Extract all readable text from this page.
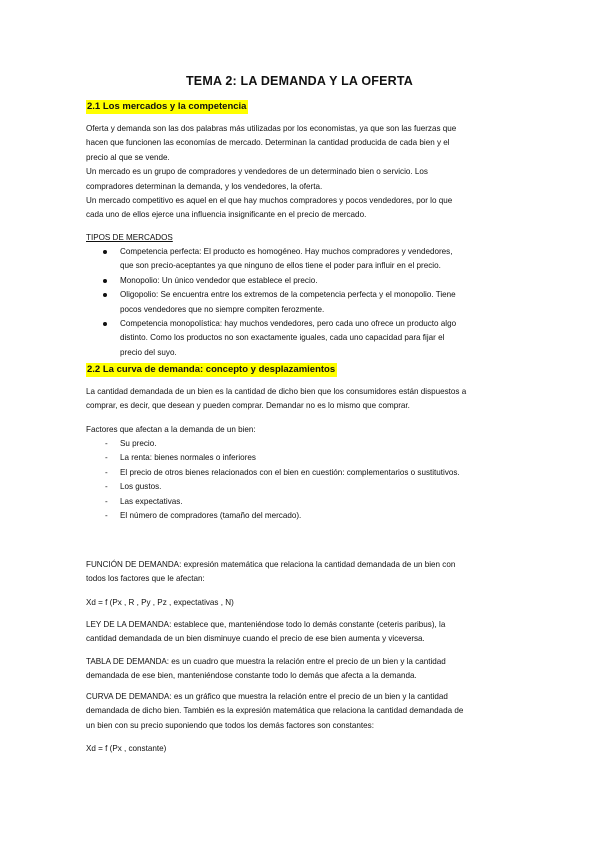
TEMA 2: LA DEMANDA Y LA OFERTA
2.1 Los mercados y la competencia
Oferta y demanda son las dos palabras más utilizadas por los economistas, ya que son las fuerzas que
hacen que funcionen las economías de mercado. Determinan la cantidad producida de cada bien y el
precio al que se vende.
Un mercado es un grupo de compradores y vendedores de un determinado bien o servicio. Los
compradores determinan la demanda, y los vendedores, la oferta.
Un mercado competitivo es aquel en el que hay muchos compradores y pocos vendedores, por lo que
cada uno de ellos ejerce una influencia insignificante en el precio de mercado.
TIPOS DE MERCADOS
Competencia perfecta: El producto es homogéneo. Hay muchos compradores y vendedores,
que son precio-aceptantes ya que ninguno de ellos tiene el poder para influir en el precio.
Monopolio: Un único vendedor que establece el precio.
Oligopolio: Se encuentra entre los extremos de la competencia perfecta y el monopolio. Tiene
pocos vendedores que no siempre compiten ferozmente.
Competencia monopolística: hay muchos vendedores, pero cada uno ofrece un producto algo
distinto. Como los productos no son exactamente iguales, cada uno capacidad para fijar el
precio del suyo.
2.2 La curva de demanda: concepto y desplazamientos
La cantidad demandada de un bien es la cantidad de dicho bien que los consumidores están dispuestos a
comprar, es decir, que desean y pueden comprar. Demandar no es lo mismo que comprar.
Factores que afectan a la demanda de un bien:
- Su precio.
- La renta: bienes normales o inferiores
- El precio de otros bienes relacionados con el bien en cuestión: complementarios o sustitutivos.
- Los gustos.
- Las expectativas.
- El número de compradores (tamaño del mercado).
FUNCIÓN DE DEMANDA: expresión matemática que relaciona la cantidad demandada de un bien con
todos los factores que le afectan:
Xd = f (Px , R , Py , Pz , expectativas , N)
LEY DE LA DEMANDA: establece que, manteniéndose todo lo demás constante (ceteris paribus), la
cantidad demandada de un bien disminuye cuando el precio de ese bien aumenta y viceversa.
TABLA DE DEMANDA: es un cuadro que muestra la relación entre el precio de un bien y la cantidad
demandada de ese bien, manteniéndose constante todo lo demás que afecta a la demanda.
CURVA DE DEMANDA: es un gráfico que muestra la relación entre el precio de un bien y la cantidad
demandada de dicho bien. También es la expresión matemática que relaciona la cantidad demandada de
un bien con su precio suponiendo que todos los demás factores son constantes:
Xd = f (Px , constante)
